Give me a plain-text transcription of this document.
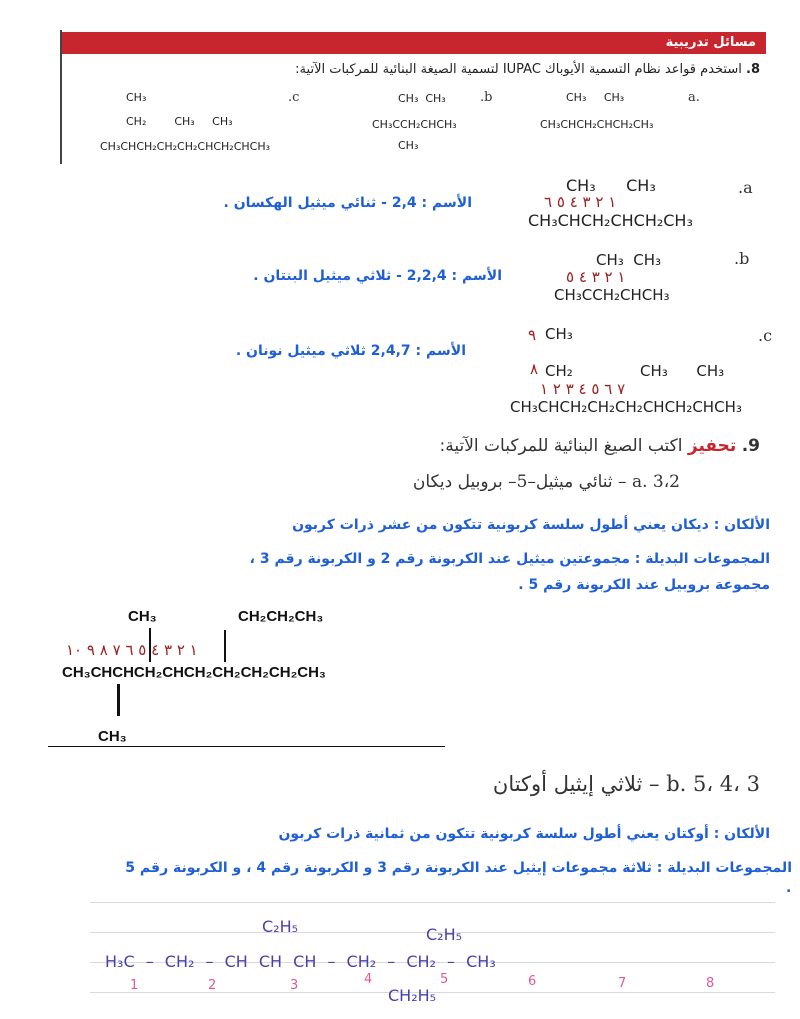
مسائل تدريبية
8. استخدم قواعد نظام التسمية الأيوباك IUPAC لتسمية الصيغة البنائية للمركبات الآتية:
a.
CH₃     CH₃
CH₃CHCH₂CHCH₂CH₃
.b
CH₃  CH₃
CH₃CCH₂CHCH₃
CH₃
.c
CH₃
CH₂        CH₃     CH₃
CH₃CHCH₂CH₂CH₂CHCH₂CHCH₃
.a
CH₃      CH₃
١ ٢ ٣ ٤ ٥ ٦
CH₃CHCH₂CHCH₂CH₃
الأسم : 2,4 - ثنائي ميثيل الهكسان .
.b
CH₃  CH₃
١ ٢ ٣ ٤ ٥
CH₃CCH₂CHCH₃
الأسم : 2,2,4 - ثلاثي ميثيل البنتان .
.c
٩ CH₃
٨ CH₂	CH₃      CH₃
٧ ٦ ٥ ٤ ٣ ٢ ١
CH₃CHCH₂CH₂CH₂CHCH₂CHCH₃
الأسم : 2,4,7 ثلاثي ميثيل نونان .
9. تحفيز اكتب الصيغ البنائية للمركبات الآتية:
a. 3،2 – ثنائي ميثيل–5– بروبيل ديكان
الألكان : ديكان يعني أطول سلسة كربونية تتكون من عشر ذرات كربون
المجموعات البديلة : مجموعتين ميثيل عند الكربونة رقم 2 و الكربونة رقم 3 ،
مجموعة بروبيل عند الكربونة رقم 5 .
CH₃	CH₂CH₂CH₃
١ ٢ ٣ ٤ ٥ ٦ ٧ ٨ ٩ ١٠
CH₃CHCHCH₂CHCH₂CH₂CH₂CH₂CH₃
CH₃
b. 5، 4، 3 – ثلاثي إيثيل أوكتان
الألكان : أوكتان يعني أطول سلسة كربونية تتكون من ثمانية ذرات كربون
المجموعات البديلة : ثلاثة مجموعات إيثيل عند الكربونة رقم 3 و الكربونة رقم 4 ، و الكربونة رقم 5
.
C₂H₅	C₂H₅
H₃C – CH₂ – CH CH CH – CH₂ – CH₂ – CH₃
CH₂H₅
1	2	3	4	5	6	7	8
